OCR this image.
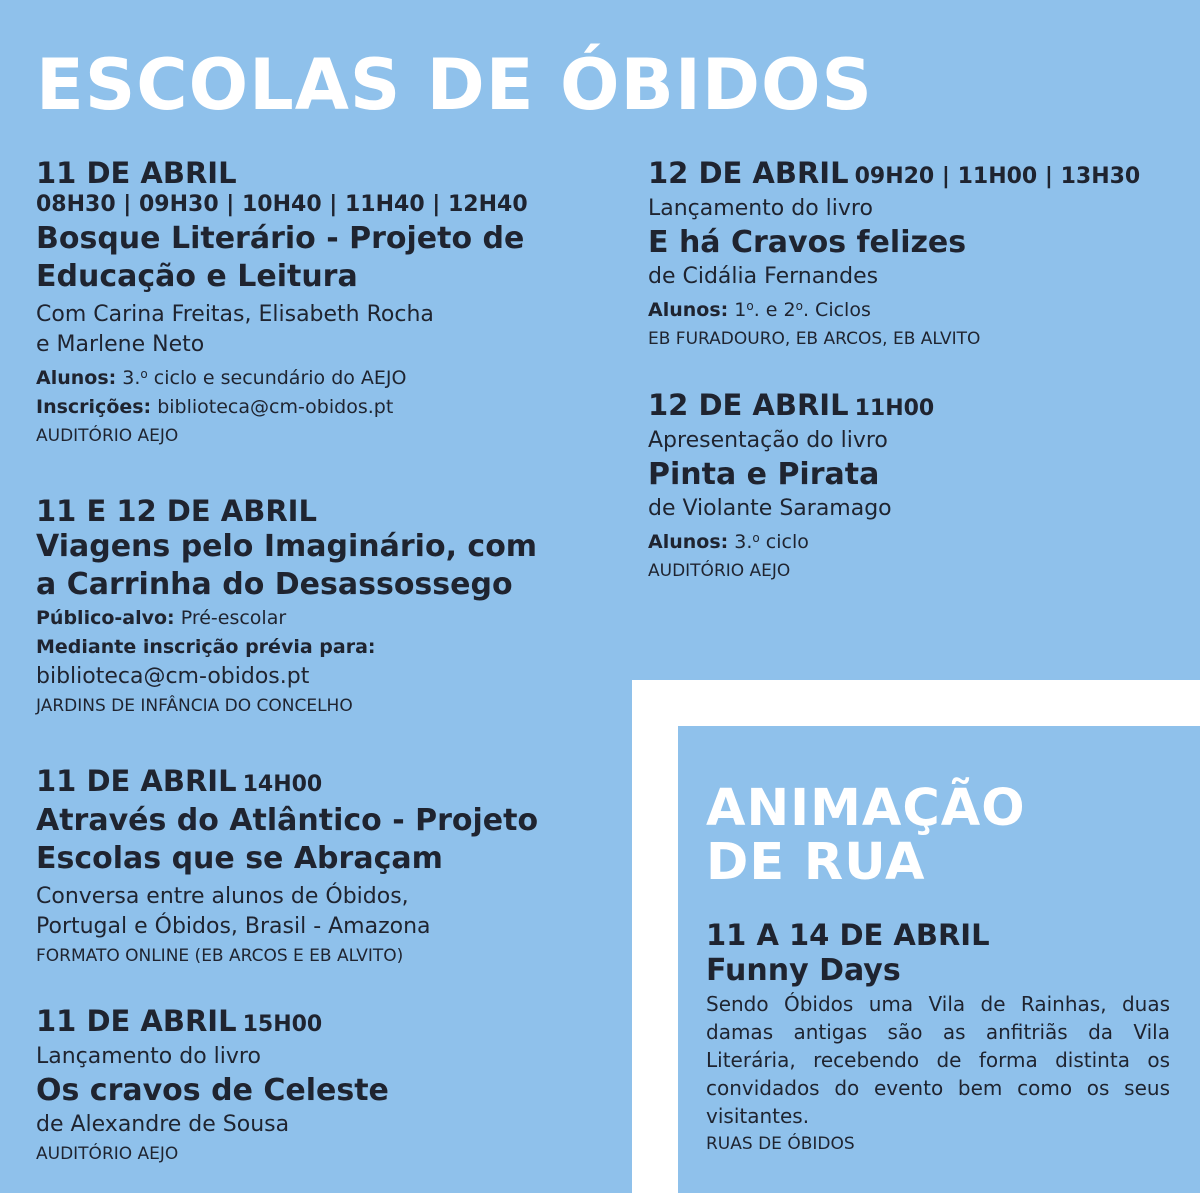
ESCOLAS DE ÓBIDOS
11 DE ABRIL
08H30 | 09H30 | 10H40 | 11H40 | 12H40
Bosque Literário - Projeto de
Educação e Leitura
Com Carina Freitas, Elisabeth Rocha
e Marlene Neto
Alunos: 3.$^o$ ciclo e secundário do AEJO
Inscrições: biblioteca@cm-obidos.pt
AUDITÓRIO AEJO
11 E 12 DE ABRIL
Viagens pelo Imaginário, com
a Carrinha do Desassossego
Público-alvo: Pré-escolar
Mediante inscrição prévia para:
biblioteca@cm-obidos.pt
JARDINS DE INFÂNCIA DO CONCELHO
11 DE ABRIL 14H00
Através do Atlântico - Projeto
Escolas que se Abraçam
Conversa entre alunos de Óbidos,
Portugal e Óbidos, Brasil - Amazona
FORMATO ONLINE (EB ARCOS E EB ALVITO)
11 DE ABRIL 15H00
Lançamento do livro
Os cravos de Celeste
de Alexandre de Sousa
AUDITÓRIO AEJO
12 DE ABRIL 09H20 | 11H00 | 13H30
Lançamento do livro
E há Cravos felizes
de Cidália Fernandes
Alunos: 1$^o$. e 2$^o$. Ciclos
EB FURADOURO, EB ARCOS, EB ALVITO
12 DE ABRIL 11H00
Apresentação do livro
Pinta e Pirata
de Violante Saramago
Alunos: 3.$^o$ ciclo
AUDITÓRIO AEJO
ANIMAÇÃO
DE RUA
11 A 14 DE ABRIL
Funny Days
Sendo Óbidos uma Vila de Rainhas, duas damas antigas são as anfitriãs da Vila Literária, recebendo de forma distinta os convidados do evento bem como os seus visitantes.
RUAS DE ÓBIDOS
